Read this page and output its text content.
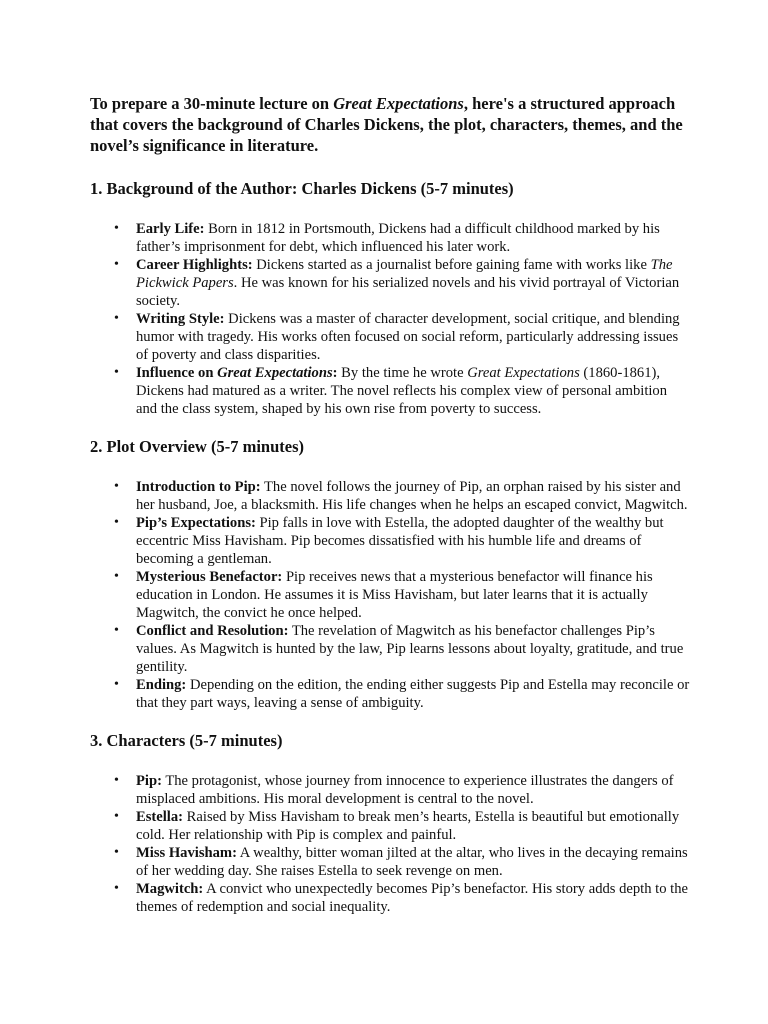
To prepare a 30-minute lecture on Great Expectations, here's a structured approach that covers the background of Charles Dickens, the plot, characters, themes, and the novel’s significance in literature.

1. Background of the Author: Charles Dickens (5-7 minutes)
• Early Life: Born in 1812 in Portsmouth, Dickens had a difficult childhood marked by his father’s imprisonment for debt, which influenced his later work.
• Career Highlights: Dickens started as a journalist before gaining fame with works like The Pickwick Papers. He was known for his serialized novels and his vivid portrayal of Victorian society.
• Writing Style: Dickens was a master of character development, social critique, and blending humor with tragedy. His works often focused on social reform, particularly addressing issues of poverty and class disparities.
• Influence on Great Expectations: By the time he wrote Great Expectations (1860-1861), Dickens had matured as a writer. The novel reflects his complex view of personal ambition and the class system, shaped by his own rise from poverty to success.
2. Plot Overview (5-7 minutes)
• Introduction to Pip: The novel follows the journey of Pip, an orphan raised by his sister and her husband, Joe, a blacksmith. His life changes when he helps an escaped convict, Magwitch.
• Pip’s Expectations: Pip falls in love with Estella, the adopted daughter of the wealthy but eccentric Miss Havisham. Pip becomes dissatisfied with his humble life and dreams of becoming a gentleman.
• Mysterious Benefactor: Pip receives news that a mysterious benefactor will finance his education in London. He assumes it is Miss Havisham, but later learns that it is actually Magwitch, the convict he once helped.
• Conflict and Resolution: The revelation of Magwitch as his benefactor challenges Pip’s values. As Magwitch is hunted by the law, Pip learns lessons about loyalty, gratitude, and true gentility.
• Ending: Depending on the edition, the ending either suggests Pip and Estella may reconcile or that they part ways, leaving a sense of ambiguity.
3. Characters (5-7 minutes)
• Pip: The protagonist, whose journey from innocence to experience illustrates the dangers of misplaced ambitions. His moral development is central to the novel.
• Estella: Raised by Miss Havisham to break men’s hearts, Estella is beautiful but emotionally cold. Her relationship with Pip is complex and painful.
• Miss Havisham: A wealthy, bitter woman jilted at the altar, who lives in the decaying remains of her wedding day. She raises Estella to seek revenge on men.
• Magwitch: A convict who unexpectedly becomes Pip’s benefactor. His story adds depth to the themes of redemption and social inequality.
